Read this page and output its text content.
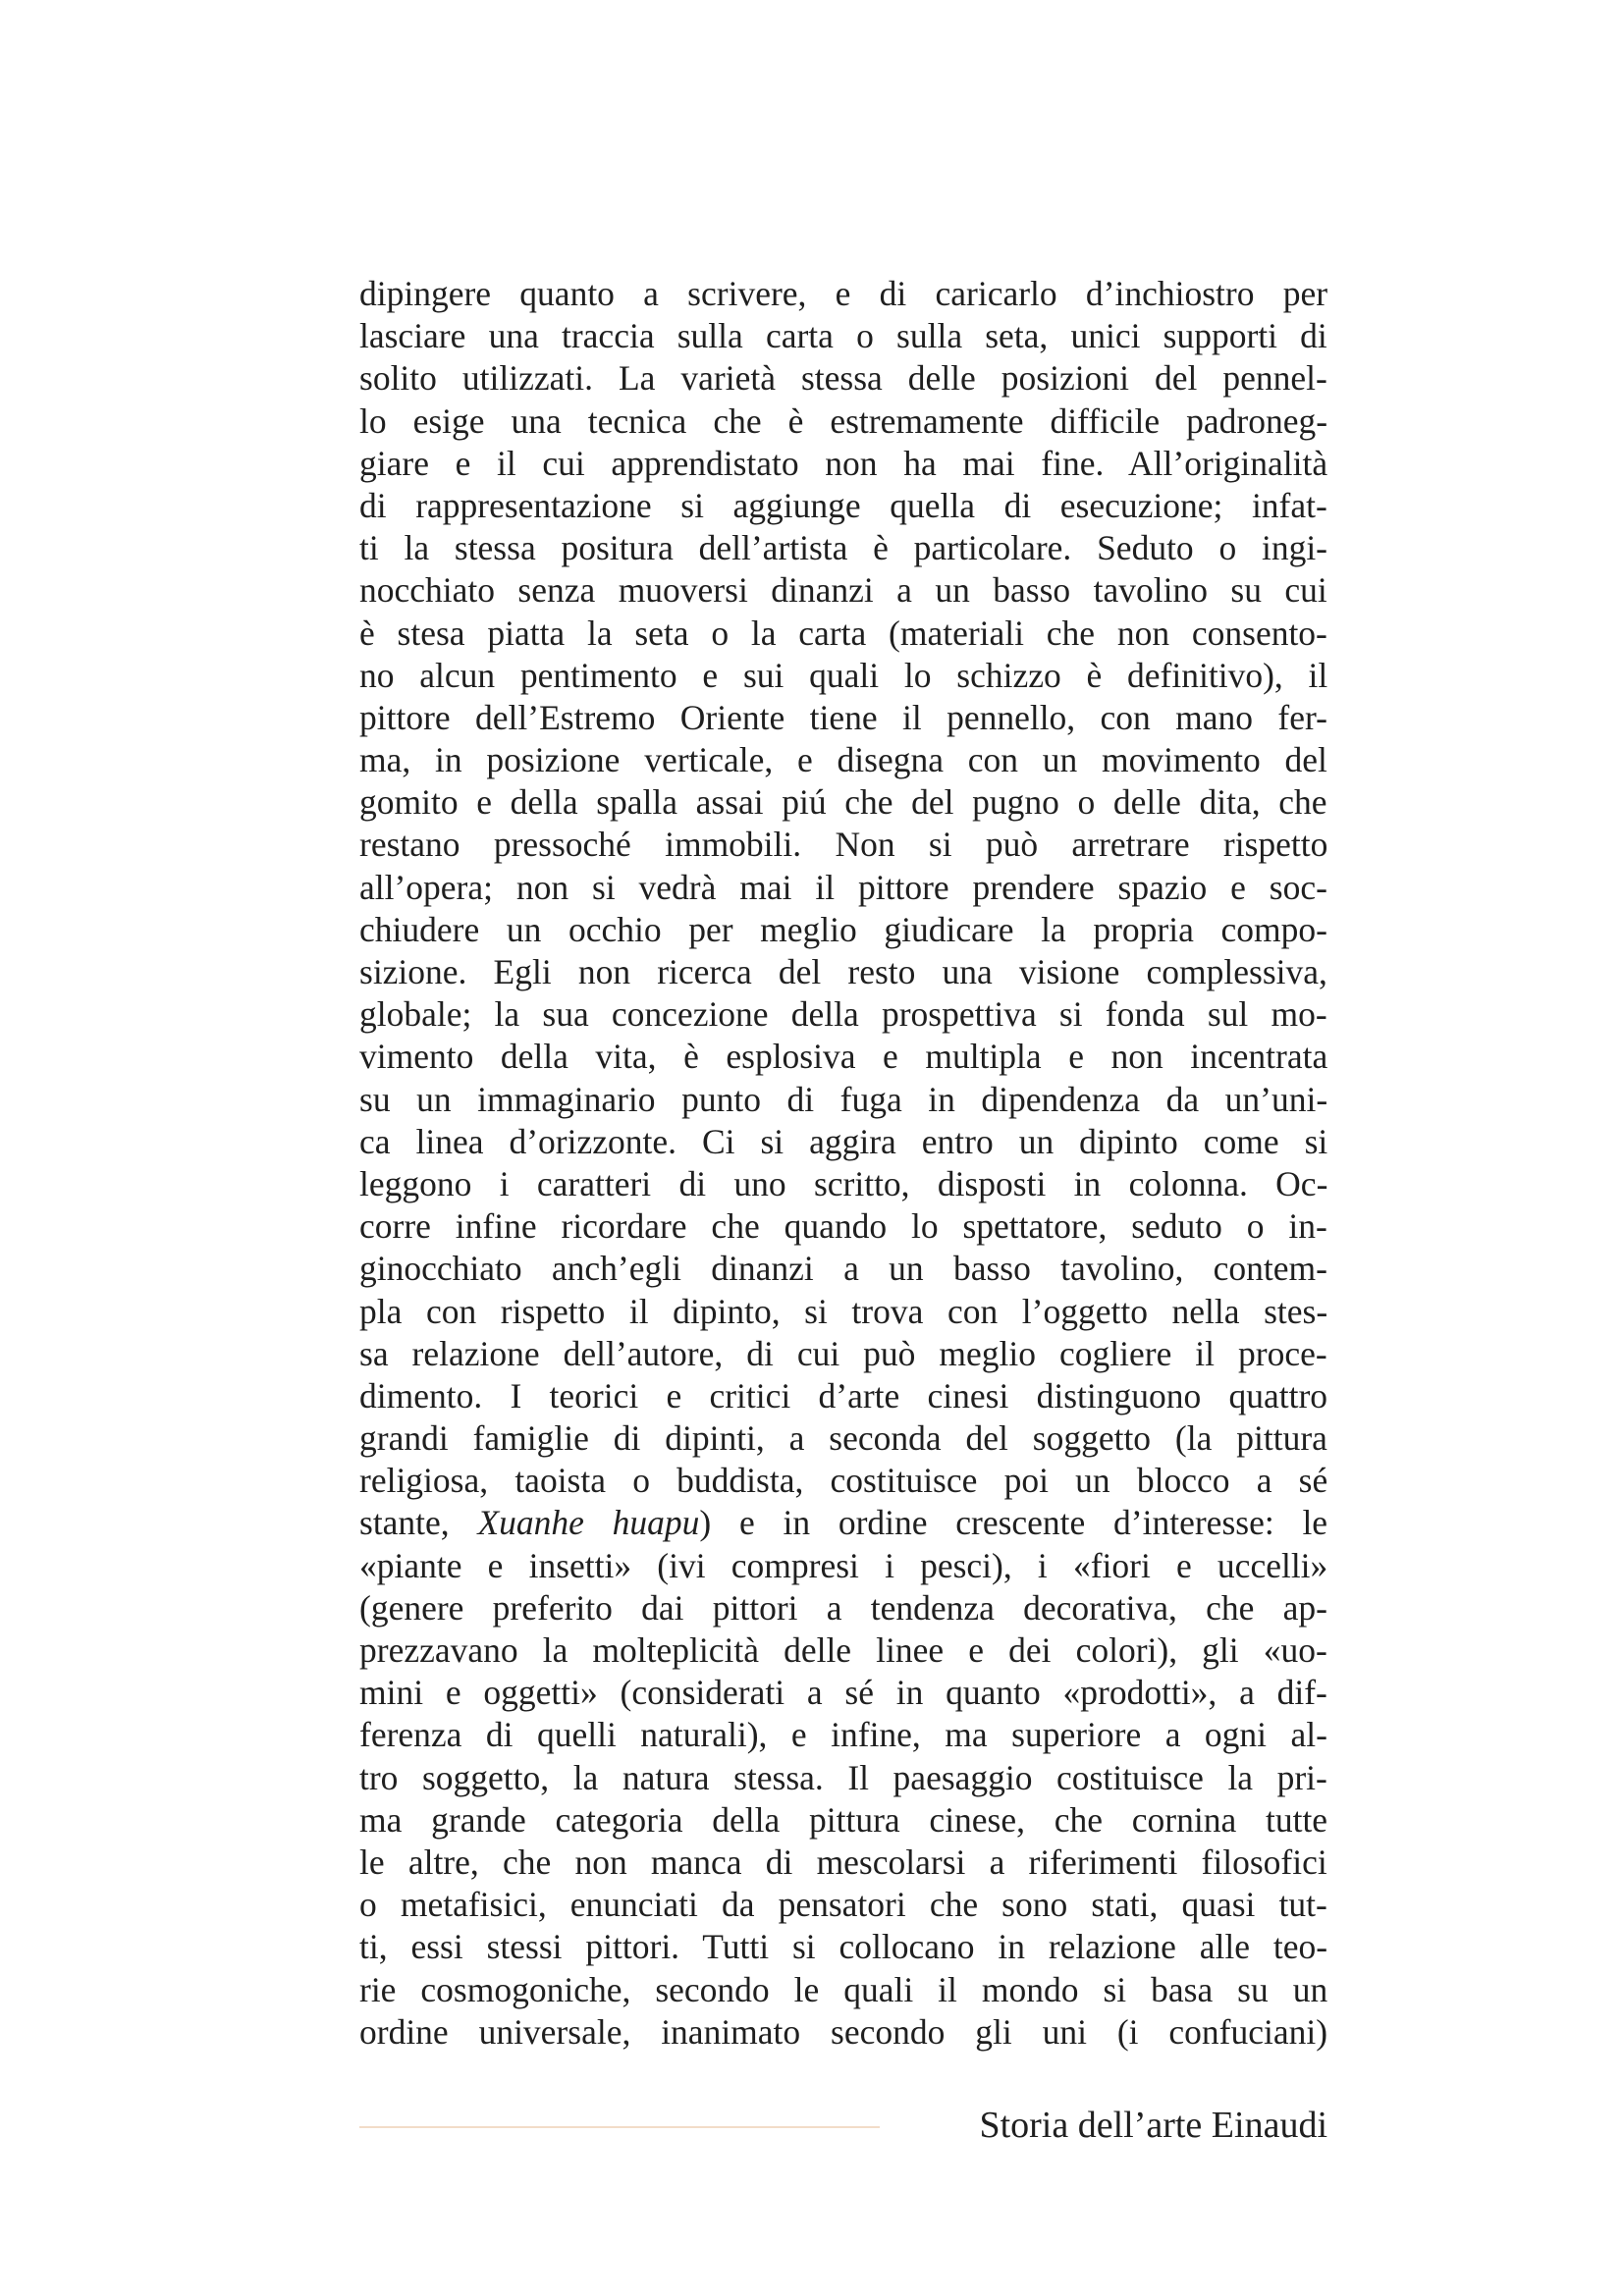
dipingere quanto a scrivere, e di caricarlo d’inchiostro per
lasciare una traccia sulla carta o sulla seta, unici supporti di
solito utilizzati. La varietà stessa delle posizioni del pennel-
lo esige una tecnica che è estremamente difficile padroneg-
giare e il cui apprendistato non ha mai fine. All’originalità
di rappresentazione si aggiunge quella di esecuzione; infat-
ti la stessa positura dell’artista è particolare. Seduto o ingi-
nocchiato senza muoversi dinanzi a un basso tavolino su cui
è stesa piatta la seta o la carta (materiali che non consento-
no alcun pentimento e sui quali lo schizzo è definitivo), il
pittore dell’Estremo Oriente tiene il pennello, con mano fer-
ma, in posizione verticale, e disegna con un movimento del
gomito e della spalla assai piú che del pugno o delle dita, che
restano pressoché immobili. Non si può arretrare rispetto
all’opera; non si vedrà mai il pittore prendere spazio e soc-
chiudere un occhio per meglio giudicare la propria compo-
sizione. Egli non ricerca del resto una visione complessiva,
globale; la sua concezione della prospettiva si fonda sul mo-
vimento della vita, è esplosiva e multipla e non incentrata
su un immaginario punto di fuga in dipendenza da un’uni-
ca linea d’orizzonte. Ci si aggira entro un dipinto come si
leggono i caratteri di uno scritto, disposti in colonna. Oc-
corre infine ricordare che quando lo spettatore, seduto o in-
ginocchiato anch’egli dinanzi a un basso tavolino, contem-
pla con rispetto il dipinto, si trova con l’oggetto nella stes-
sa relazione dell’autore, di cui può meglio cogliere il proce-
dimento. I teorici e critici d’arte cinesi distinguono quattro
grandi famiglie di dipinti, a seconda del soggetto (la pittura
religiosa, taoista o buddista, costituisce poi un blocco a sé
stante, Xuanhe huapu) e in ordine crescente d’interesse: le
«piante e insetti» (ivi compresi i pesci), i «fiori e uccelli»
(genere preferito dai pittori a tendenza decorativa, che ap-
prezzavano la molteplicità delle linee e dei colori), gli «uo-
mini e oggetti» (considerati a sé in quanto «prodotti», a dif-
ferenza di quelli naturali), e infine, ma superiore a ogni al-
tro soggetto, la natura stessa. Il paesaggio costituisce la pri-
ma grande categoria della pittura cinese, che cornina tutte
le altre, che non manca di mescolarsi a riferimenti filosofici
o metafisici, enunciati da pensatori che sono stati, quasi tut-
ti, essi stessi pittori. Tutti si collocano in relazione alle teo-
rie cosmogoniche, secondo le quali il mondo si basa su un
ordine universale, inanimato secondo gli uni (i confuciani)
Storia dell’arte Einaudi
